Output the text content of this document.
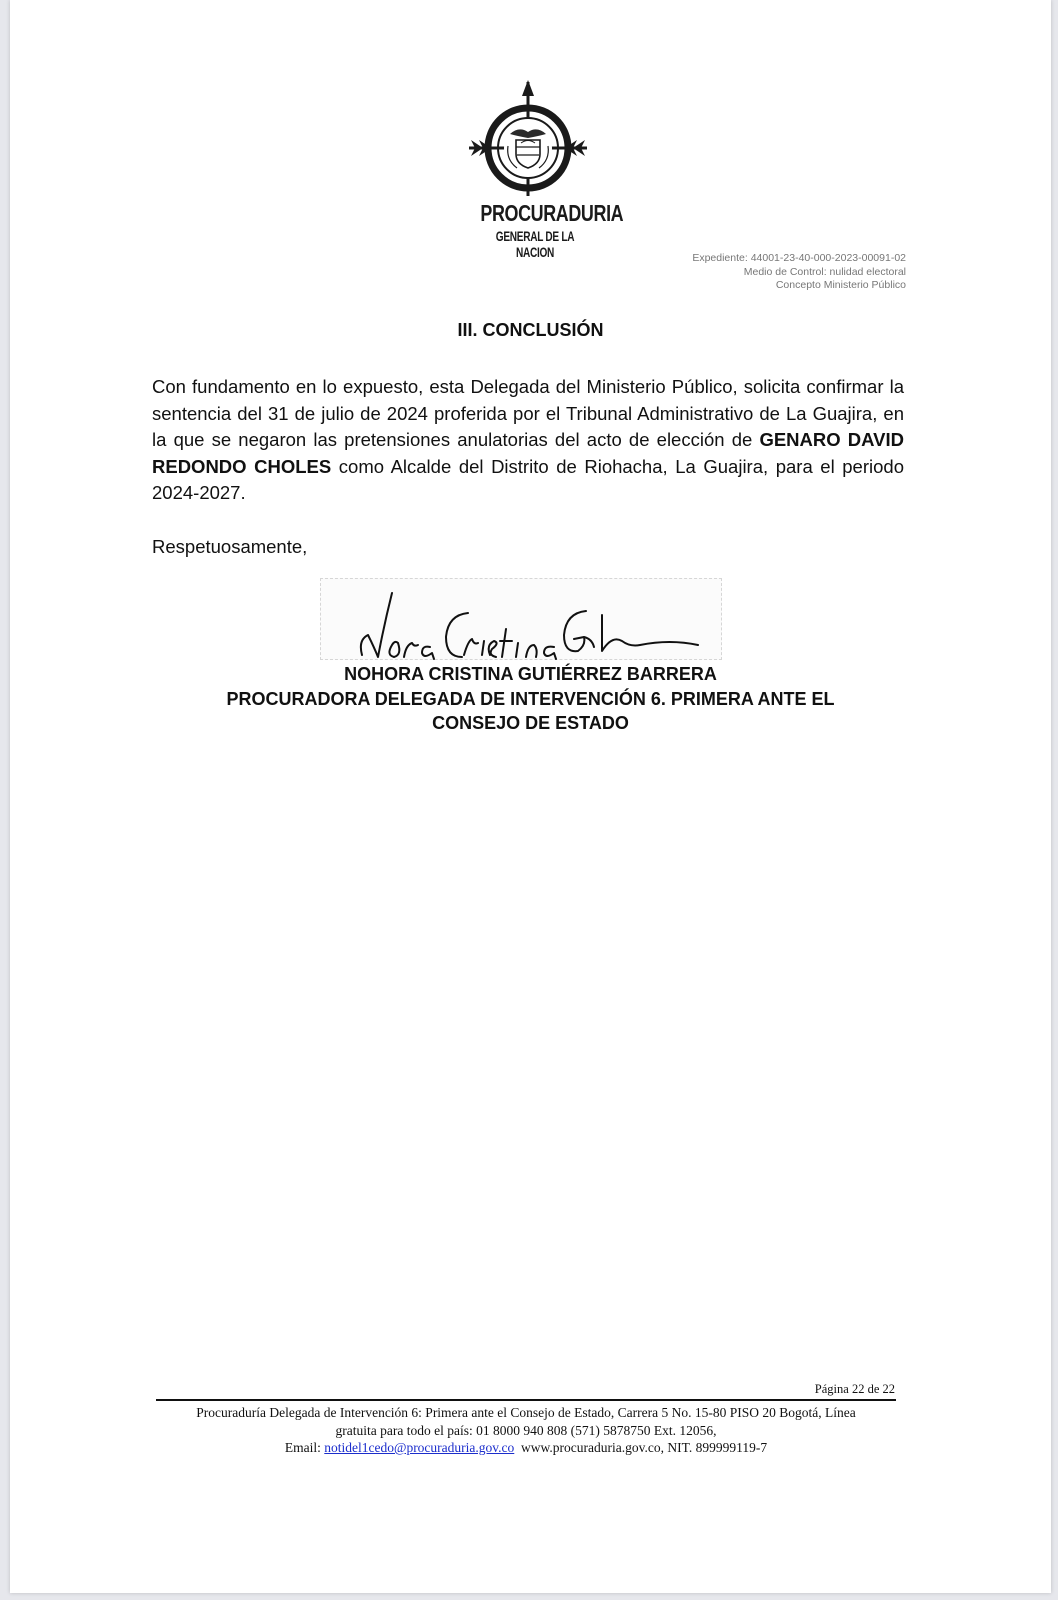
PROCURADURIA
GENERAL DE LA NACION	Expediente: 44001-23-40-000-2023-00091-02
Medio de Control: nulidad electoral
Concepto Ministerio Público
III. CONCLUSIÓN

Con fundamento en lo expuesto, esta Delegada del Ministerio Público, solicita confirmar la sentencia del 31 de julio de 2024 proferida por el Tribunal Administrativo de La Guajira, en la que se negaron las pretensiones anulatorias del acto de elección de GENARO DAVID REDONDO CHOLES como Alcalde del Distrito de Riohacha, La Guajira, para el periodo 2024-2027.

Respetuosamente,
NOHORA CRISTINA GUTIÉRREZ BARRERA
PROCURADORA DELEGADA DE INTERVENCIÓN 6. PRIMERA ANTE EL
CONSEJO DE ESTADO
Página 22 de 22
Procuraduría Delegada de Intervención 6: Primera ante el Consejo de Estado, Carrera 5 No. 15-80 PISO 20 Bogotá, Línea
gratuita para todo el país: 01 8000 940 808 (571) 5878750 Ext. 12056,
Email: notidel1cedo@procuraduria.gov.co www.procuraduria.gov.co, NIT. 899999119-7
